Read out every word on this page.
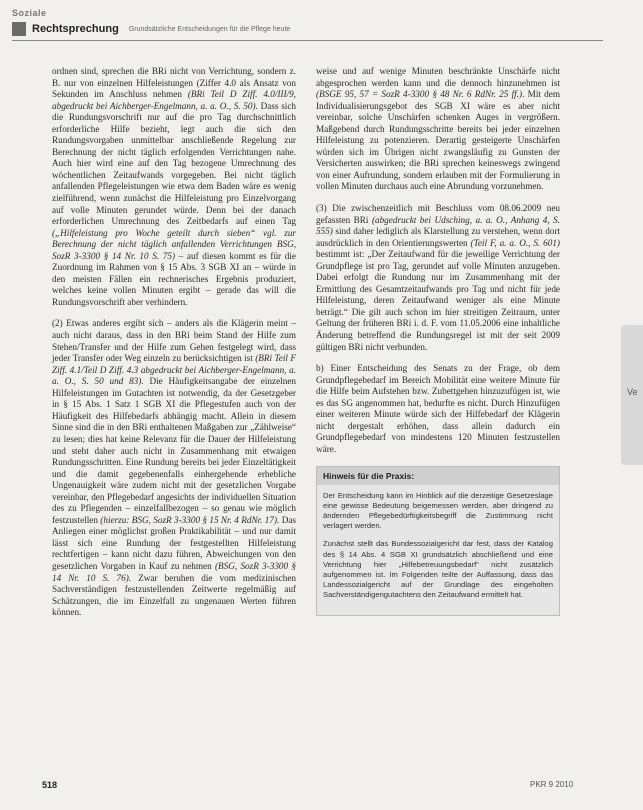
Soziale
Rechtsprechung Grundsätzliche Entscheidungen für die Pflege heute

ordnen sind, sprechen die BRi nicht von Verrichtung, sondern z. B. nur von einzelnen Hilfeleistungen (Ziffer 4.0 als Ansatz von Sekunden im Anschluss nehmen (BRi Teil D Ziff. 4.0/III/9, abgedruckt bei Aichberger-Engelmann, a. a. O., S. 50). Dass sich die Rundungsvorschrift nur auf die pro Tag durchschnittlich erforderliche Hilfe bezieht, legt auch die sich den Rundungsvorgaben unmittelbar anschließende Regelung zur Berechnung der nicht täglich erfolgenden Verrichtungen nahe. Auch hier wird eine auf den Tag bezogene Umrechnung des wöchentlichen Zeitaufwands vorgegeben. Bei nicht täglich anfallenden Pflegeleistungen wie etwa dem Baden wäre es wenig zielführend, wenn zunächst die Hilfeleistung pro Einzelvorgang auf volle Minuten gerundet würde. Denn bei der danach erforderlichen Umrechnung des Zeitbedarfs auf einen Tag („Hilfeleistung pro Woche geteilt durch sieben“ vgl. zur Berechnung der nicht täglich anfallenden Verrichtungen BSG, SozR 3-3300 § 14 Nr. 10 S. 75) – auf diesen kommt es für die Zuordnung im Rahmen von § 15 Abs. 3 SGB XI an – würde in den meisten Fällen ein rechnerisches Ergebnis produziert, welches keine vollen Minuten ergibt – gerade das will die Rundungsvorschrift aber verhindern.

(2) Etwas anderes ergibt sich – anders als die Klägerin meint – auch nicht daraus, dass in den BRi beim Stand der Hilfe zum Stehen/Transfer und der Hilfe zum Gehen festgelegt wird, dass jeder Transfer oder Weg einzeln zu berücksichtigen ist (BRi Teil F Ziff. 4.1/Teil D Ziff. 4.3 abgedruckt bei Aichberger-Engelmann, a. a. O., S. 50 und 83). Die Häufigkeitsangabe der einzelnen Hilfeleistungen im Gutachten ist notwendig, da der Gesetzgeber in § 15 Abs. 1 Satz 1 SGB XI die Pflegestufen auch von der Häufigkeit des Hilfebedarfs abhängig macht. Allein in diesem Sinne sind die in den BRi enthaltenen Maßgaben zur „Zählweise“ zu lesen; dies hat keine Relevanz für die Dauer der Hilfeleistung und steht daher auch nicht in Zusammenhang mit etwaigen Rundungsschritten. Eine Rundung bereits bei jeder Einzeltätigkeit und die damit gegebenenfalls einhergehende erhebliche Ungenauigkeit wäre zudem nicht mit der gesetzlichen Vorgabe vereinbar, den Pflegebedarf angesichts der individuellen Situation des zu Pflegenden – einzelfallbezogen – so genau wie möglich festzustellen (hierzu: BSG, SozR 3-3300 § 15 Nr. 4 RdNr. 17). Das Anliegen einer möglichst großen Praktikabilität – und nur damit lässt sich eine Rundung der festgestellten Hilfeleistung rechtfertigen – kann nicht dazu führen, Abweichungen von den gesetzlichen Vorgaben in Kauf zu nehmen (BSG, SozR 3-3300 § 14 Nr. 10 S. 76). Zwar beruhen die vom medizinischen Sachverständigen festzustellenden Zeitwerte regelmäßig auf Schätzungen, die im Einzelfall zu ungenauen Werten führen können.

weise und auf wenige Minuten beschränkte Unschärfe nicht abgesprochen werden kann und die dennoch hinzunehmen ist (BSGE 95, 57 = SozR 4-3300 § 48 Nr. 6 RdNr. 25 ff.). Mit dem Individualisierungsgebot des SGB XI wäre es aber nicht vereinbar, solche Unschärfen schenken Auges in vergrößern. Maßgebend durch Rundungsschritte bereits bei jeder einzelnen Hilfeleistung zu potenzieren. Derartig gesteigerte Unschärfen würden sich im Übrigen nicht zwangsläufig zu Gunsten der Versicherten auswirken; die BRi sprechen keineswegs zwingend von einer Aufrundung, sondern erlauben mit der Formulierung in vollen Minuten durchaus auch eine Abrundung vorzunehmen.

(3) Die zwischenzeitlich mit Beschluss vom 08.06.2009 neu gefassten BRi (abgedruckt bei Udsching, a. a. O., Anhang 4, S. 555) sind daher lediglich als Klarstellung zu verstehen, wenn dort ausdrücklich in den Orientierungswerten (Teil F, a. a. O., S. 601) bestimmt ist: „Der Zeitaufwand für die jeweilige Verrichtung der Grundpflege ist pro Tag, gerundet auf volle Minuten anzugeben. Dabei erfolgt die Rundung nur im Zusammenhang mit der Ermittlung des Gesamtzeitaufwands pro Tag und nicht für jede Hilfeleistung, deren Zeitaufwand weniger als eine Minute beträgt.“ Die gilt auch schon im hier streitigen Zeitraum, unter Geltung der früheren BRi i. d. F. vom 11.05.2006 eine inhaltliche Änderung betreffend die Rundungsregel ist mit der seit 2009 gültigen BRi nicht verbunden.

b) Einer Entscheidung des Senats zu der Frage, ob dem Grundpflegebedarf im Bereich Mobilität eine weitere Minute für die Hilfe beim Aufstehen bzw. Zubettgehen hinzuzufügen ist, wie es das SG angenommen hat, bedurfte es nicht. Durch Hinzufügen einer weiteren Minute würde sich der Hilfebedarf der Klägerin nicht dergestalt erhöhen, dass allein dadurch ein Grundpflegebedarf von mindestens 120 Minuten festzustellen wäre.

Hinweis für die Praxis:

Der Entscheidung kann im Hinblick auf die derzeitige Gesetzeslage eine gewisse Bedeutung beigemessen werden, aber dringend zu ändernden Pflegebedürftigkeitsbegriff die Zustimmung nicht verlagert werden.

Zunächst stellt das Bundessozialgericht dar fest, dass der Katalog des § 14 Abs. 4 SGB XI grundsätzlich abschließend und eine Verrichtung hier „Hilfebetreuungsbedarf“ nicht zusätzlich aufgenommen ist. Im Folgenden teilte der Auffassung, dass das Landessozialgericht auf der Grundlage des eingeholten Sachverständigengutachtens den Zeitaufwand ermittelt hat.

Ve
518	PKR 9 2010
